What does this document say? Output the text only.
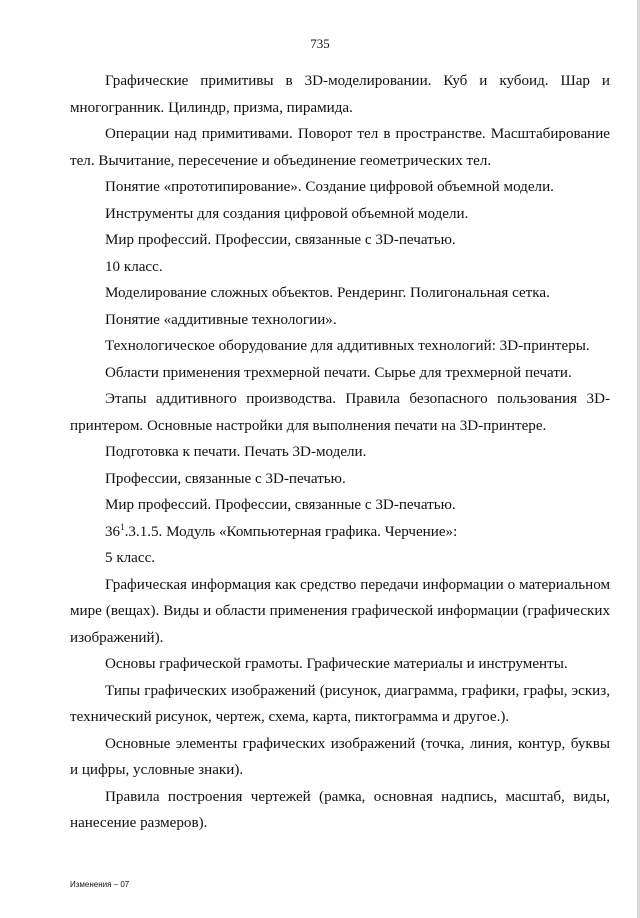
735

Графические примитивы в 3D-моделировании. Куб и кубоид. Шар и многогранник. Цилиндр, призма, пирамида.

Операции над примитивами. Поворот тел в пространстве. Масштабирование тел. Вычитание, пересечение и объединение геометрических тел.

Понятие «прототипирование». Создание цифровой объемной модели.

Инструменты для создания цифровой объемной модели.

Мир профессий. Профессии, связанные с 3D-печатью.

10 класс.

Моделирование сложных объектов. Рендеринг. Полигональная сетка.

Понятие «аддитивные технологии».

Технологическое оборудование для аддитивных технологий: 3D-принтеры.

Области применения трехмерной печати. Сырье для трехмерной печати.

Этапы аддитивного производства. Правила безопасного пользования 3D-принтером. Основные настройки для выполнения печати на 3D-принтере.

Подготовка к печати. Печать 3D-модели.

Профессии, связанные с 3D-печатью.

Мир профессий. Профессии, связанные с 3D-печатью.

$36^1.3.1.5$. Модуль «Компьютерная графика. Черчение»:

5 класс.

Графическая информация как средство передачи информации о материальном мире (вещах). Виды и области применения графической информации (графических изображений).

Основы графической грамоты. Графические материалы и инструменты.

Типы графических изображений (рисунок, диаграмма, графики, графы, эскиз, технический рисунок, чертеж, схема, карта, пиктограмма и другое.).

Основные элементы графических изображений (точка, линия, контур, буквы и цифры, условные знаки).

Правила построения чертежей (рамка, основная надпись, масштаб, виды, нанесение размеров).

Изменения – 07
